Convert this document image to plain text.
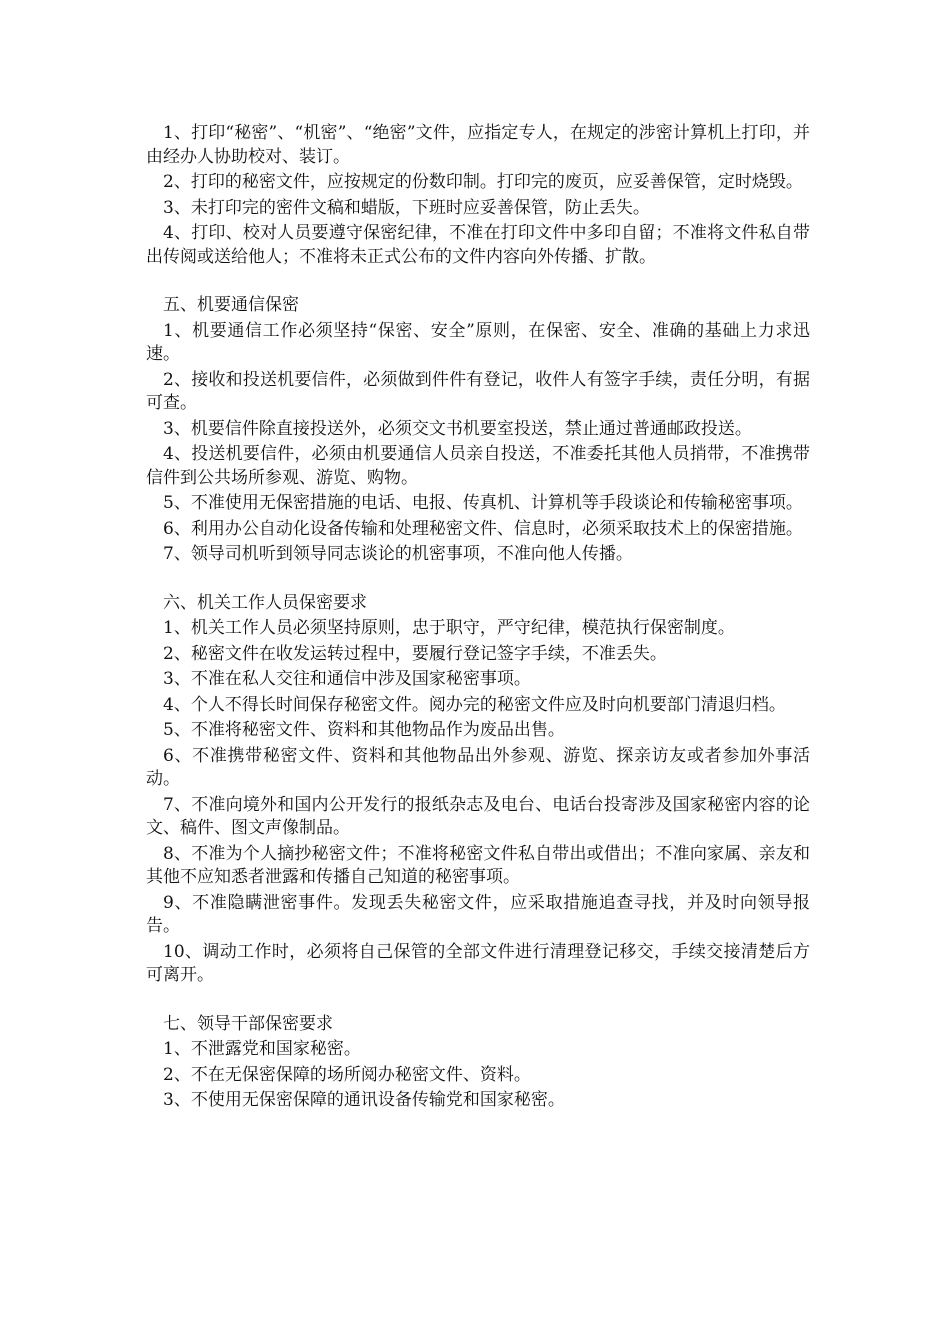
1、打印“秘密”、“机密”、“绝密”文件，应指定专人，在规定的涉密计算机上打印，并由经办人协助校对、装订。

2、打印的秘密文件，应按规定的份数印制。打印完的废页，应妥善保管，定时烧毁。

3、未打印完的密件文稿和蜡版，下班时应妥善保管，防止丢失。

4、打印、校对人员要遵守保密纪律，不准在打印文件中多印自留；不准将文件私自带出传阅或送给他人；不准将未正式公布的文件内容向外传播、扩散。

五、机要通信保密

1、机要通信工作必须坚持“保密、安全”原则，在保密、安全、准确的基础上力求迅速。

2、接收和投送机要信件，必须做到件件有登记，收件人有签字手续，责任分明，有据可查。

3、机要信件除直接投送外，必须交文书机要室投送，禁止通过普通邮政投送。

4、投送机要信件，必须由机要通信人员亲自投送，不准委托其他人员捎带，不准携带信件到公共场所参观、游览、购物。

5、不准使用无保密措施的电话、电报、传真机、计算机等手段谈论和传输秘密事项。

6、利用办公自动化设备传输和处理秘密文件、信息时，必须采取技术上的保密措施。

7、领导司机听到领导同志谈论的机密事项，不准向他人传播。

六、机关工作人员保密要求

1、机关工作人员必须坚持原则，忠于职守，严守纪律，模范执行保密制度。

2、秘密文件在收发运转过程中，要履行登记签字手续，不准丢失。

3、不准在私人交往和通信中涉及国家秘密事项。

4、个人不得长时间保存秘密文件。阅办完的秘密文件应及时向机要部门清退归档。

5、不准将秘密文件、资料和其他物品作为废品出售。

6、不准携带秘密文件、资料和其他物品出外参观、游览、探亲访友或者参加外事活动。

7、不准向境外和国内公开发行的报纸杂志及电台、电话台投寄涉及国家秘密内容的论文、稿件、图文声像制品。

8、不准为个人摘抄秘密文件；不准将秘密文件私自带出或借出；不准向家属、亲友和其他不应知悉者泄露和传播自己知道的秘密事项。

9、不准隐瞒泄密事件。发现丢失秘密文件，应采取措施追查寻找，并及时向领导报告。

10、调动工作时，必须将自己保管的全部文件进行清理登记移交，手续交接清楚后方可离开。

七、领导干部保密要求

1、不泄露党和国家秘密。

2、不在无保密保障的场所阅办秘密文件、资料。

3、不使用无保密保障的通讯设备传输党和国家秘密。
